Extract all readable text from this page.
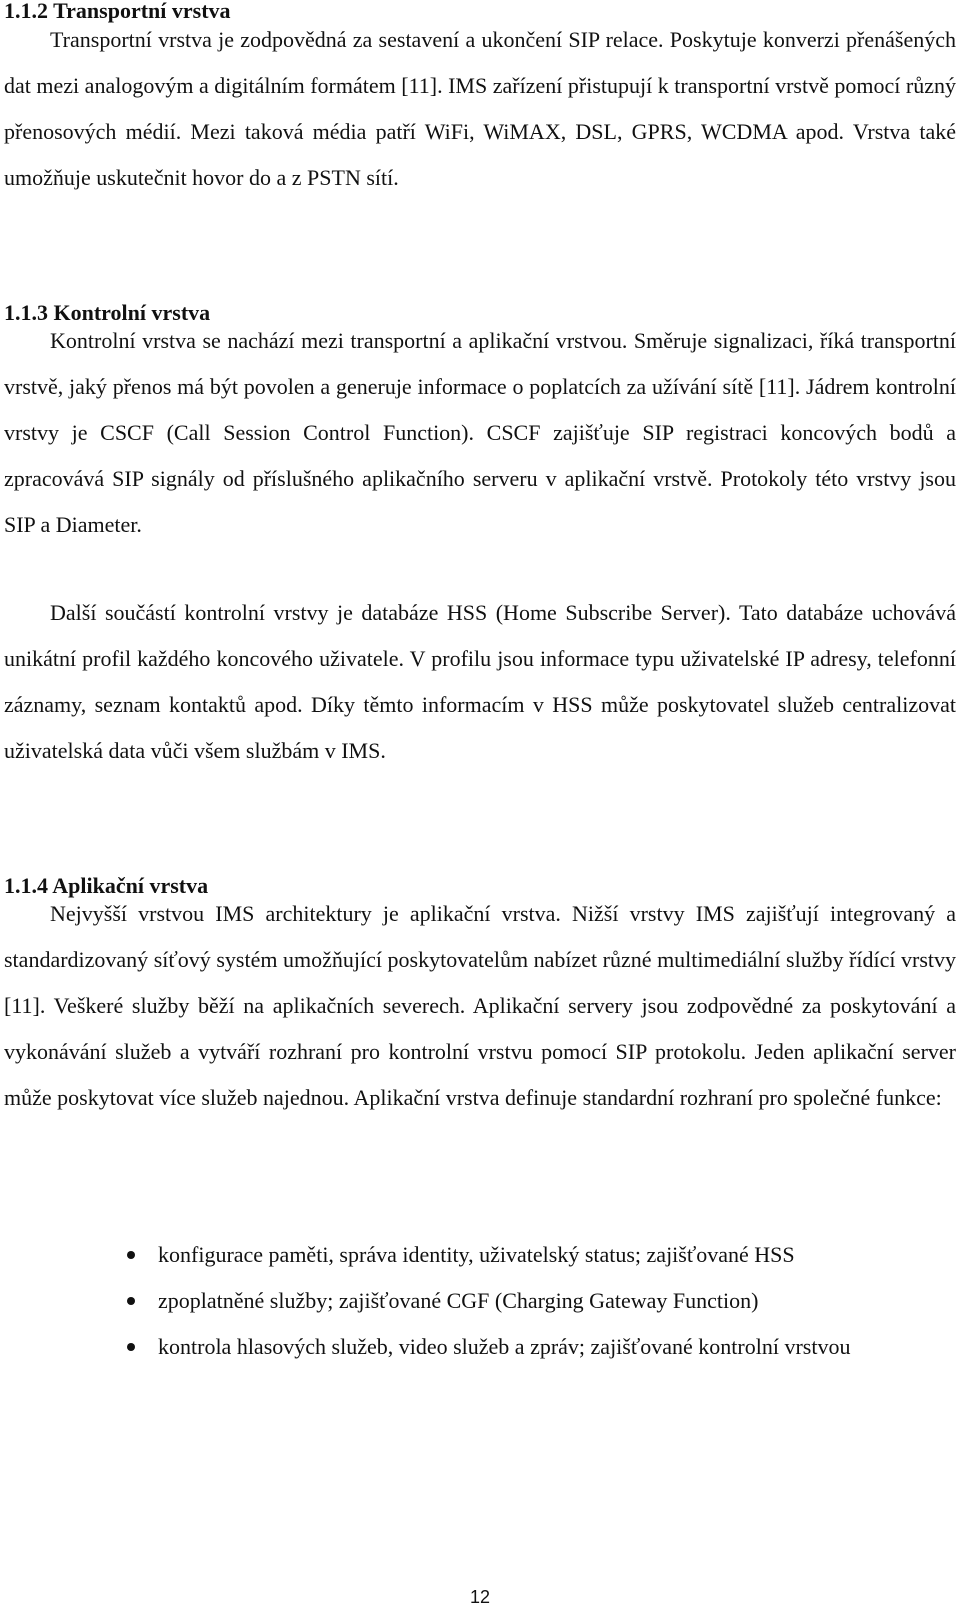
1.1.2 Transportní vrstva

Transportní vrstva je zodpovědná za sestavení a ukončení SIP relace. Poskytuje konverzi přenášených dat mezi analogovým a digitálním formátem [11]. IMS zařízení přistupují k transportní vrstvě pomocí různý přenosových médií. Mezi taková média patří WiFi, WiMAX, DSL, GPRS, WCDMA apod. Vrstva také umožňuje uskutečnit hovor do a z PSTN sítí.

1.1.3 Kontrolní vrstva

Kontrolní vrstva se nachází mezi transportní a aplikační vrstvou. Směruje signalizaci, říká transportní vrstvě, jaký přenos má být povolen a generuje informace o poplatcích za užívání sítě [11]. Jádrem kontrolní vrstvy je CSCF (Call Session Control Function). CSCF zajišťuje SIP registraci koncových bodů a zpracovává SIP signály od příslušného aplikačního serveru v aplikační vrstvě. Protokoly této vrstvy jsou SIP a Diameter.

Další součástí kontrolní vrstvy je databáze HSS (Home Subscribe Server). Tato databáze uchovává unikátní profil každého koncového uživatele. V profilu jsou informace typu uživatelské IP adresy, telefonní záznamy, seznam kontaktů apod. Díky těmto informacím v HSS může poskytovatel služeb centralizovat uživatelská data vůči všem službám v IMS.

1.1.4 Aplikační vrstva

Nejvyšší vrstvou IMS architektury je aplikační vrstva. Nižší vrstvy IMS zajišťují integrovaný a standardizovaný síťový systém umožňující poskytovatelům nabízet různé multimediální služby řídící vrstvy [11]. Veškeré služby běží na aplikačních severech. Aplikační servery jsou zodpovědné za poskytování a vykonávání služeb a vytváří rozhraní pro kontrolní vrstvu pomocí SIP protokolu. Jeden aplikační server může poskytovat více služeb najednou. Aplikační vrstva definuje standardní rozhraní pro společné funkce:

konfigurace paměti, správa identity, uživatelský status; zajišťované HSS
zpoplatněné služby; zajišťované CGF (Charging Gateway Function)
kontrola hlasových služeb, video služeb a zpráv; zajišťované kontrolní vrstvou
12
